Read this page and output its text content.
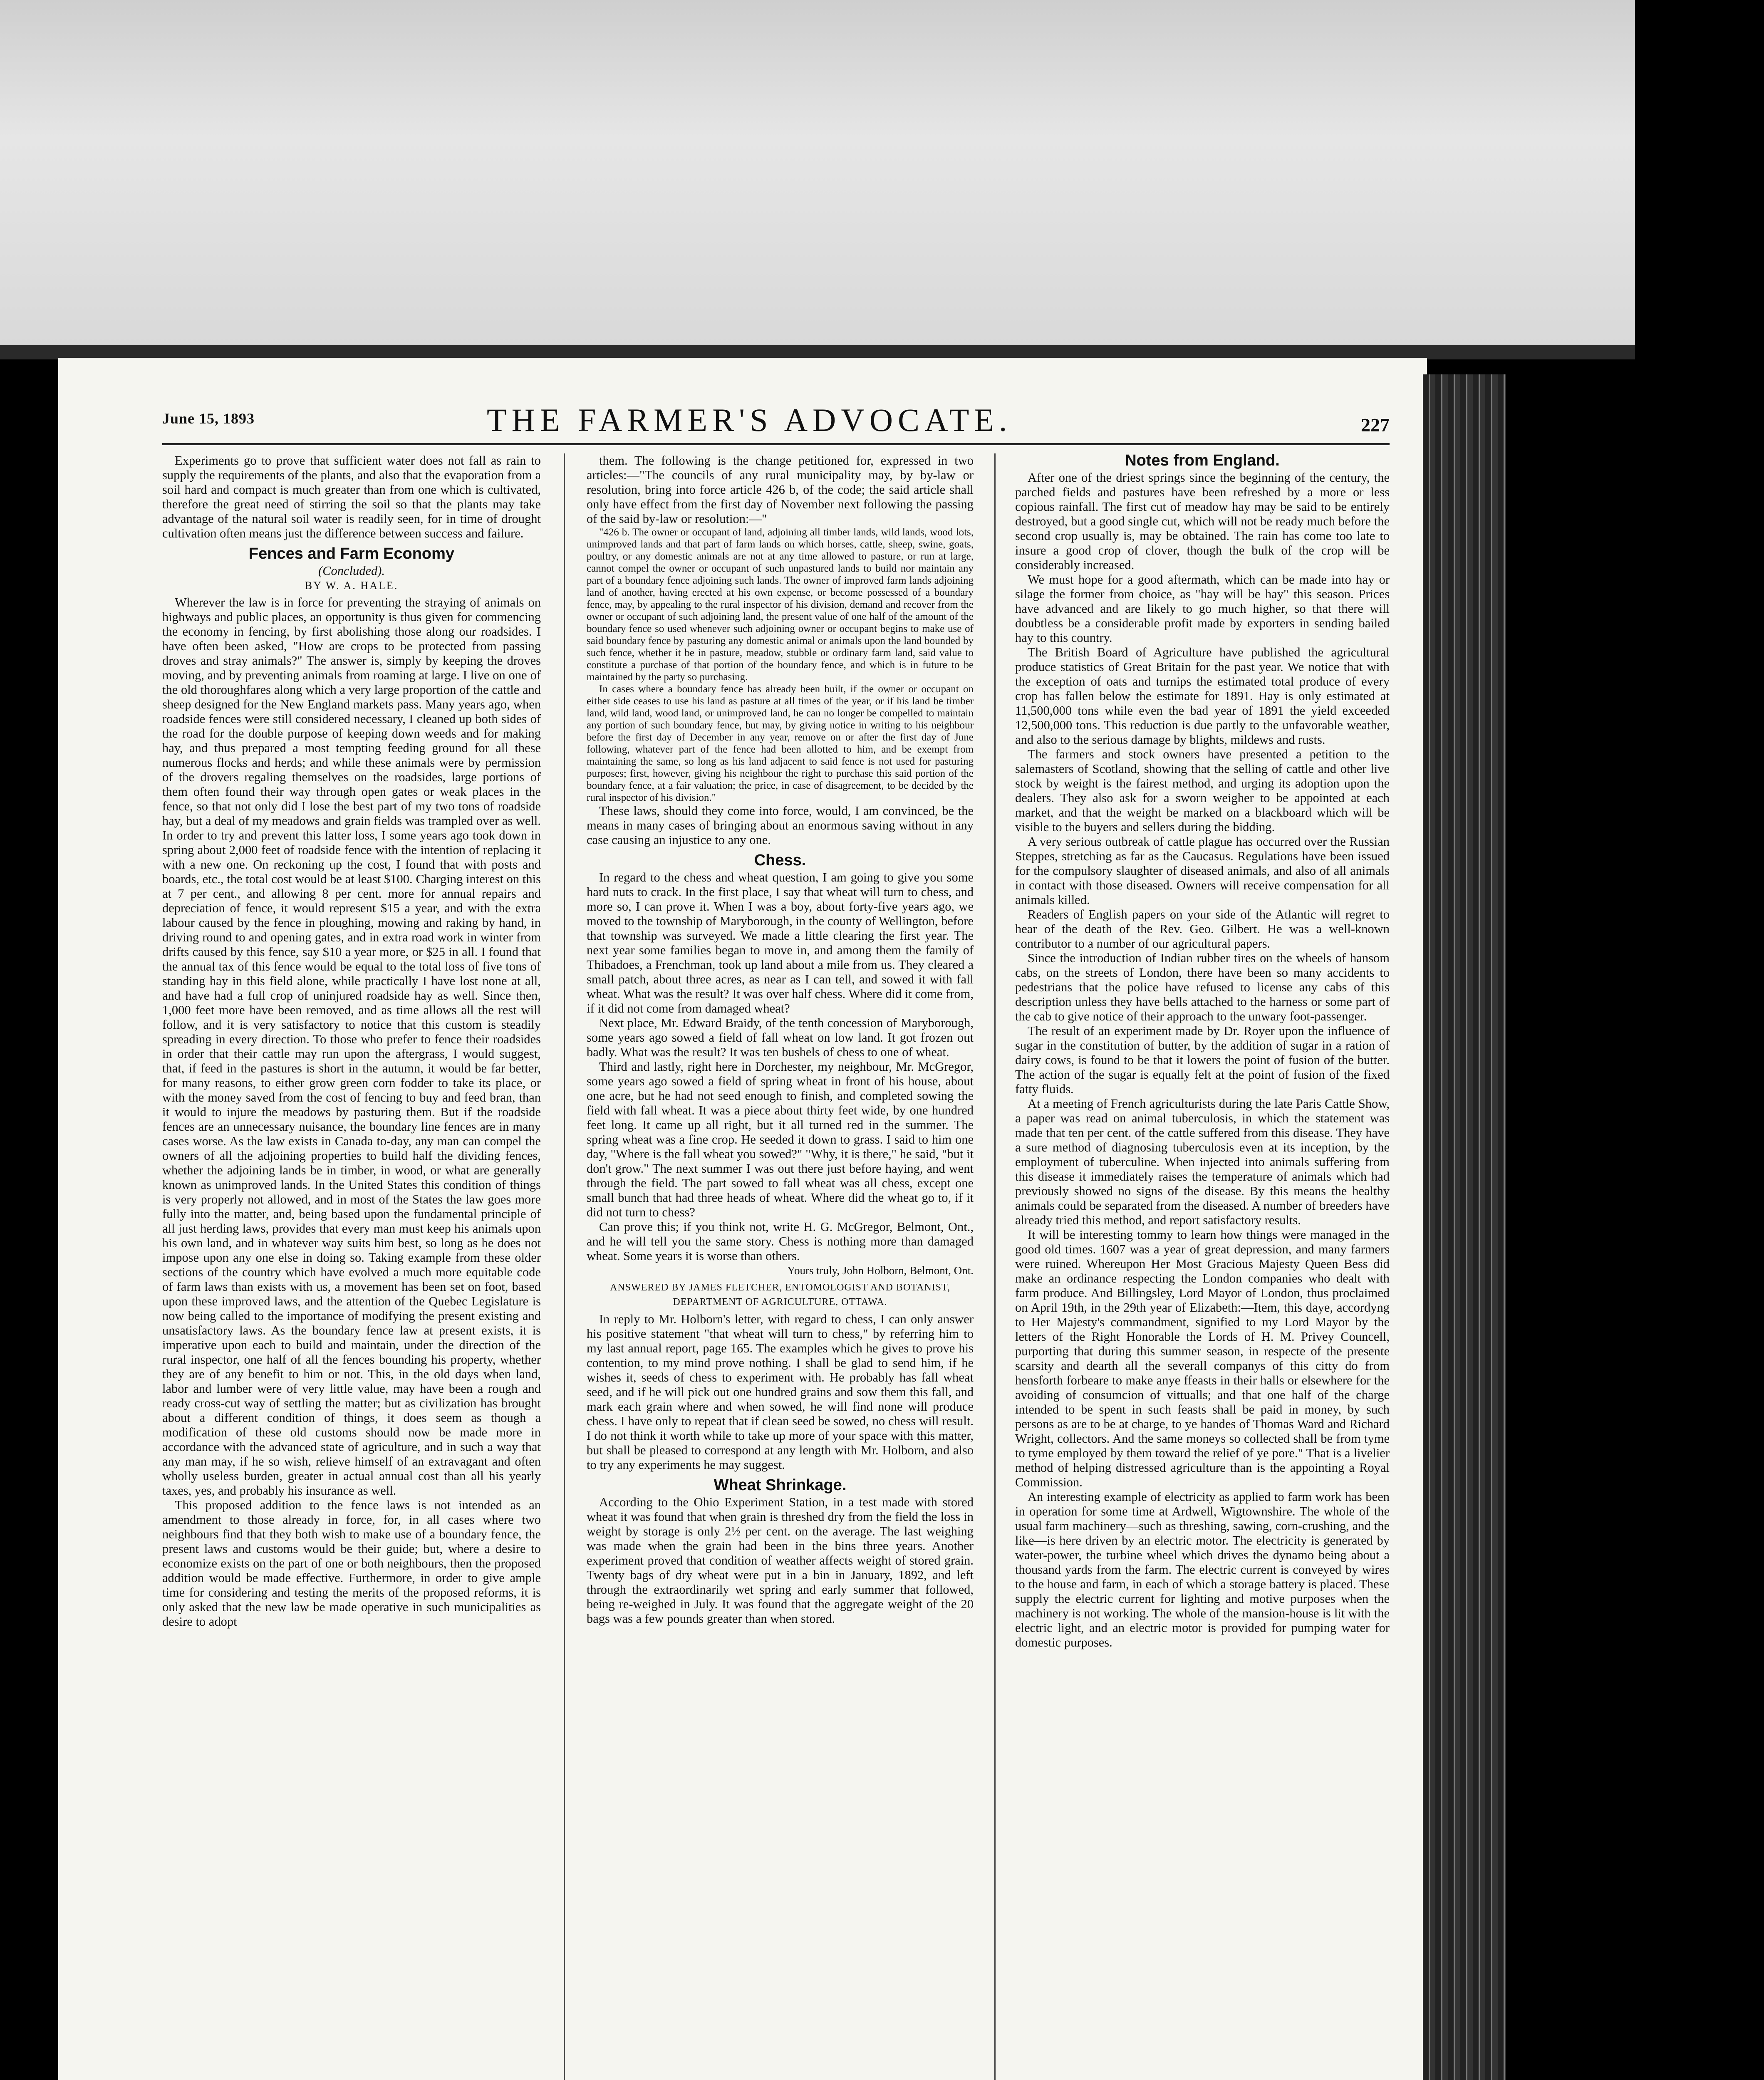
June 15, 1893	THE FARMER'S ADVOCATE.	227

Experiments go to prove that sufficient water does not fall as rain to supply the requirements of the plants, and also that the evaporation from a soil hard and compact is much greater than from one which is cultivated, therefore the great need of stirring the soil so that the plants may take advantage of the natural soil water is readily seen, for in time of drought cultivation often means just the difference between success and failure.

Fences and Farm Economy
(Concluded).
BY W. A. HALE.

Wherever the law is in force for preventing the straying of animals on highways and public places, an opportunity is thus given for commencing the economy in fencing, by first abolishing those along our roadsides. I have often been asked, "How are crops to be protected from passing droves and stray animals?" The answer is, simply by keeping the droves moving, and by preventing animals from roaming at large. I live on one of the old thoroughfares along which a very large proportion of the cattle and sheep designed for the New England markets pass. Many years ago, when roadside fences were still considered necessary, I cleaned up both sides of the road for the double purpose of keeping down weeds and for making hay, and thus prepared a most tempting feeding ground for all these numerous flocks and herds; and while these animals were by permission of the drovers regaling themselves on the roadsides, large portions of them often found their way through open gates or weak places in the fence, so that not only did I lose the best part of my two tons of roadside hay, but a deal of my meadows and grain fields was trampled over as well. In order to try and prevent this latter loss, I some years ago took down in spring about 2,000 feet of roadside fence with the intention of replacing it with a new one. On reckoning up the cost, I found that with posts and boards, etc., the total cost would be at least $100. Charging interest on this at 7 per cent., and allowing 8 per cent. more for annual repairs and depreciation of fence, it would represent $15 a year, and with the extra labour caused by the fence in ploughing, mowing and raking by hand, in driving round to and opening gates, and in extra road work in winter from drifts caused by this fence, say $10 a year more, or $25 in all. I found that the annual tax of this fence would be equal to the total loss of five tons of standing hay in this field alone, while practically I have lost none at all, and have had a full crop of uninjured roadside hay as well. Since then, 1,000 feet more have been removed, and as time allows all the rest will follow, and it is very satisfactory to notice that this custom is steadily spreading in every direction. To those who prefer to fence their roadsides in order that their cattle may run upon the aftergrass, I would suggest, that, if feed in the pastures is short in the autumn, it would be far better, for many reasons, to either grow green corn fodder to take its place, or with the money saved from the cost of fencing to buy and feed bran, than it would to injure the meadows by pasturing them. But if the roadside fences are an unnecessary nuisance, the boundary line fences are in many cases worse. As the law exists in Canada to-day, any man can compel the owners of all the adjoining properties to build half the dividing fences, whether the adjoining lands be in timber, in wood, or what are generally known as unimproved lands. In the United States this condition of things is very properly not allowed, and in most of the States the law goes more fully into the matter, and, being based upon the fundamental principle of all just herding laws, provides that every man must keep his animals upon his own land, and in whatever way suits him best, so long as he does not impose upon any one else in doing so. Taking example from these older sections of the country which have evolved a much more equitable code of farm laws than exists with us, a movement has been set on foot, based upon these improved laws, and the attention of the Quebec Legislature is now being called to the importance of modifying the present existing and unsatisfactory laws. As the boundary fence law at present exists, it is imperative upon each to build and maintain, under the direction of the rural inspector, one half of all the fences bounding his property, whether they are of any benefit to him or not. This, in the old days when land, labor and lumber were of very little value, may have been a rough and ready cross-cut way of settling the matter; but as civilization has brought about a different condition of things, it does seem as though a modification of these old customs should now be made more in accordance with the advanced state of agriculture, and in such a way that any man may, if he so wish, relieve himself of an extravagant and often wholly useless burden, greater in actual annual cost than all his yearly taxes, yes, and probably his insurance as well.

This proposed addition to the fence laws is not intended as an amendment to those already in force, for, in all cases where two neighbours find that they both wish to make use of a boundary fence, the present laws and customs would be their guide; but, where a desire to economize exists on the part of one or both neighbours, then the proposed addition would be made effective. Furthermore, in order to give ample time for considering and testing the merits of the proposed reforms, it is only asked that the new law be made operative in such municipalities as desire to adopt

them. The following is the change petitioned for, expressed in two articles:—"The councils of any rural municipality may, by by-law or resolution, bring into force article 426 b, of the code; the said article shall only have effect from the first day of November next following the passing of the said by-law or resolution:—"

"426 b. The owner or occupant of land, adjoining all timber lands, wild lands, wood lots, unimproved lands and that part of farm lands on which horses, cattle, sheep, swine, goats, poultry, or any domestic animals are not at any time allowed to pasture, or run at large, cannot compel the owner or occupant of such unpastured lands to build nor maintain any part of a boundary fence adjoining such lands. The owner of improved farm lands adjoining land of another, having erected at his own expense, or become possessed of a boundary fence, may, by appealing to the rural inspector of his division, demand and recover from the owner or occupant of such adjoining land, the present value of one half of the amount of the boundary fence so used whenever such adjoining owner or occupant begins to make use of said boundary fence by pasturing any domestic animal or animals upon the land bounded by such fence, whether it be in pasture, meadow, stubble or ordinary farm land, said value to constitute a purchase of that portion of the boundary fence, and which is in future to be maintained by the party so purchasing.

In cases where a boundary fence has already been built, if the owner or occupant on either side ceases to use his land as pasture at all times of the year, or if his land be timber land, wild land, wood land, or unimproved land, he can no longer be compelled to maintain any portion of such boundary fence, but may, by giving notice in writing to his neighbour before the first day of December in any year, remove on or after the first day of June following, whatever part of the fence had been allotted to him, and be exempt from maintaining the same, so long as his land adjacent to said fence is not used for pasturing purposes; first, however, giving his neighbour the right to purchase this said portion of the boundary fence, at a fair valuation; the price, in case of disagreement, to be decided by the rural inspector of his division."

These laws, should they come into force, would, I am convinced, be the means in many cases of bringing about an enormous saving without in any case causing an injustice to any one.

Chess.

In regard to the chess and wheat question, I am going to give you some hard nuts to crack. In the first place, I say that wheat will turn to chess, and more so, I can prove it. When I was a boy, about forty-five years ago, we moved to the township of Maryborough, in the county of Wellington, before that township was surveyed. We made a little clearing the first year. The next year some families began to move in, and among them the family of Thibadoes, a Frenchman, took up land about a mile from us. They cleared a small patch, about three acres, as near as I can tell, and sowed it with fall wheat. What was the result? It was over half chess. Where did it come from, if it did not come from damaged wheat?

Next place, Mr. Edward Braidy, of the tenth concession of Maryborough, some years ago sowed a field of fall wheat on low land. It got frozen out badly. What was the result? It was ten bushels of chess to one of wheat.

Third and lastly, right here in Dorchester, my neighbour, Mr. McGregor, some years ago sowed a field of spring wheat in front of his house, about one acre, but he had not seed enough to finish, and completed sowing the field with fall wheat. It was a piece about thirty feet wide, by one hundred feet long. It came up all right, but it all turned red in the summer. The spring wheat was a fine crop. He seeded it down to grass. I said to him one day, "Where is the fall wheat you sowed?" "Why, it is there," he said, "but it don't grow." The next summer I was out there just before haying, and went through the field. The part sowed to fall wheat was all chess, except one small bunch that had three heads of wheat. Where did the wheat go to, if it did not turn to chess?

Can prove this; if you think not, write H. G. McGregor, Belmont, Ont., and he will tell you the same story. Chess is nothing more than damaged wheat. Some years it is worse than others.

Yours truly, John Holborn, Belmont, Ont.

ANSWERED BY JAMES FLETCHER, ENTOMOLOGIST AND BOTANIST, DEPARTMENT OF AGRICULTURE, OTTAWA.

In reply to Mr. Holborn's letter, with regard to chess, I can only answer his positive statement "that wheat will turn to chess," by referring him to my last annual report, page 165. The examples which he gives to prove his contention, to my mind prove nothing. I shall be glad to send him, if he wishes it, seeds of chess to experiment with. He probably has fall wheat seed, and if he will pick out one hundred grains and sow them this fall, and mark each grain where and when sowed, he will find none will produce chess. I have only to repeat that if clean seed be sowed, no chess will result. I do not think it worth while to take up more of your space with this matter, but shall be pleased to correspond at any length with Mr. Holborn, and also to try any experiments he may suggest.

Wheat Shrinkage.

According to the Ohio Experiment Station, in a test made with stored wheat it was found that when grain is threshed dry from the field the loss in weight by storage is only 2½ per cent. on the average. The last weighing was made when the grain had been in the bins three years. Another experiment proved that condition of weather affects weight of stored grain. Twenty bags of dry wheat were put in a bin in January, 1892, and left through the extraordinarily wet spring and early summer that followed, being re-weighed in July. It was found that the aggregate weight of the 20 bags was a few pounds greater than when stored.

Notes from England.

After one of the driest springs since the beginning of the century, the parched fields and pastures have been refreshed by a more or less copious rainfall. The first cut of meadow hay may be said to be entirely destroyed, but a good single cut, which will not be ready much before the second crop usually is, may be obtained. The rain has come too late to insure a good crop of clover, though the bulk of the crop will be considerably increased.

We must hope for a good aftermath, which can be made into hay or silage the former from choice, as "hay will be hay" this season. Prices have advanced and are likely to go much higher, so that there will doubtless be a considerable profit made by exporters in sending bailed hay to this country.

The British Board of Agriculture have published the agricultural produce statistics of Great Britain for the past year. We notice that with the exception of oats and turnips the estimated total produce of every crop has fallen below the estimate for 1891. Hay is only estimated at 11,500,000 tons while even the bad year of 1891 the yield exceeded 12,500,000 tons. This reduction is due partly to the unfavorable weather, and also to the serious damage by blights, mildews and rusts.

The farmers and stock owners have presented a petition to the salemasters of Scotland, showing that the selling of cattle and other live stock by weight is the fairest method, and urging its adoption upon the dealers. They also ask for a sworn weigher to be appointed at each market, and that the weight be marked on a blackboard which will be visible to the buyers and sellers during the bidding.

A very serious outbreak of cattle plague has occurred over the Russian Steppes, stretching as far as the Caucasus. Regulations have been issued for the compulsory slaughter of diseased animals, and also of all animals in contact with those diseased. Owners will receive compensation for all animals killed.

Readers of English papers on your side of the Atlantic will regret to hear of the death of the Rev. Geo. Gilbert. He was a well-known contributor to a number of our agricultural papers.

Since the introduction of Indian rubber tires on the wheels of hansom cabs, on the streets of London, there have been so many accidents to pedestrians that the police have refused to license any cabs of this description unless they have bells attached to the harness or some part of the cab to give notice of their approach to the unwary foot-passenger.

The result of an experiment made by Dr. Royer upon the influence of sugar in the constitution of butter, by the addition of sugar in a ration of dairy cows, is found to be that it lowers the point of fusion of the butter. The action of the sugar is equally felt at the point of fusion of the fixed fatty fluids.

At a meeting of French agriculturists during the late Paris Cattle Show, a paper was read on animal tuberculosis, in which the statement was made that ten per cent. of the cattle suffered from this disease. They have a sure method of diagnosing tuberculosis even at its inception, by the employment of tuberculine. When injected into animals suffering from this disease it immediately raises the temperature of animals which had previously showed no signs of the disease. By this means the healthy animals could be separated from the diseased. A number of breeders have already tried this method, and report satisfactory results.

It will be interesting tommy to learn how things were managed in the good old times. 1607 was a year of great depression, and many farmers were ruined. Whereupon Her Most Gracious Majesty Queen Bess did make an ordinance respecting the London companies who dealt with farm produce. And Billingsley, Lord Mayor of London, thus proclaimed on April 19th, in the 29th year of Elizabeth:—Item, this daye, accordyng to Her Majesty's commandment, signified to my Lord Mayor by the letters of the Right Honorable the Lords of H. M. Privey Councell, purporting that during this summer season, in respecte of the presente scarsity and dearth all the severall companys of this citty do from hensforth forbeare to make anye ffeasts in their halls or elsewhere for the avoiding of consumcion of vittualls; and that one half of the charge intended to be spent in such feasts shall be paid in money, by such persons as are to be at charge, to ye handes of Thomas Ward and Richard Wright, collectors. And the same moneys so collected shall be from tyme to tyme employed by them toward the relief of ye pore." That is a livelier method of helping distressed agriculture than is the appointing a Royal Commission.

An interesting example of electricity as applied to farm work has been in operation for some time at Ardwell, Wigtownshire. The whole of the usual farm machinery—such as threshing, sawing, corn-crushing, and the like—is here driven by an electric motor. The electricity is generated by water-power, the turbine wheel which drives the dynamo being about a thousand yards from the farm. The electric current is conveyed by wires to the house and farm, in each of which a storage battery is placed. These supply the electric current for lighting and motive purposes when the machinery is not working. The whole of the mansion-house is lit with the electric light, and an electric motor is provided for pumping water for domestic purposes.
